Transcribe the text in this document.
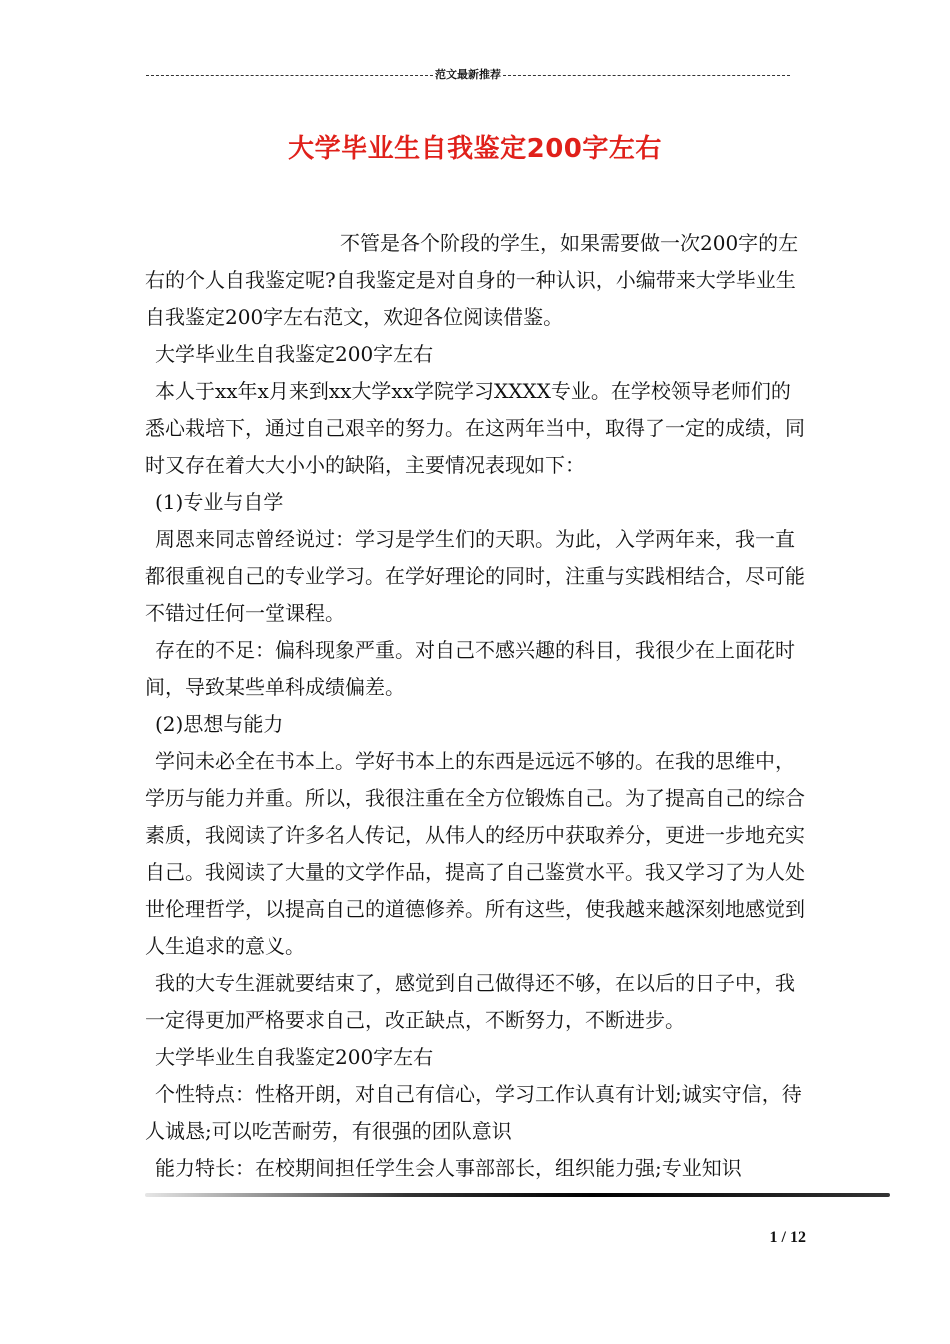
范文最新推荐
大学毕业生自我鉴定200字左右

不管是各个阶段的学生，如果需要做一次200字的左右的个人自我鉴定呢?自我鉴定是对自身的一种认识，小编带来大学毕业生自我鉴定200字左右范文，欢迎各位阅读借鉴。

大学毕业生自我鉴定200字左右

本人于xx年x月来到xx大学xx学院学习XXXX专业。在学校领导老师们的悉心栽培下，通过自己艰辛的努力。在这两年当中，取得了一定的成绩，同时又存在着大大小小的缺陷，主要情况表现如下：

(1)专业与自学

周恩来同志曾经说过：学习是学生们的天职。为此，入学两年来，我一直都很重视自己的专业学习。在学好理论的同时，注重与实践相结合，尽可能不错过任何一堂课程。

存在的不足：偏科现象严重。对自己不感兴趣的科目，我很少在上面花时间，导致某些单科成绩偏差。

(2)思想与能力

学问未必全在书本上。学好书本上的东西是远远不够的。在我的思维中，学历与能力并重。所以，我很注重在全方位锻炼自己。为了提高自己的综合素质，我阅读了许多名人传记，从伟人的经历中获取养分，更进一步地充实自己。我阅读了大量的文学作品，提高了自己鉴赏水平。我又学习了为人处世伦理哲学，以提高自己的道德修养。所有这些，使我越来越深刻地感觉到人生追求的意义。

我的大专生涯就要结束了，感觉到自己做得还不够，在以后的日子中，我一定得更加严格要求自己，改正缺点，不断努力，不断进步。

大学毕业生自我鉴定200字左右

个性特点：性格开朗，对自己有信心，学习工作认真有计划;诚实守信，待人诚恳;可以吃苦耐劳，有很强的团队意识

能力特长：在校期间担任学生会人事部部长，组织能力强;专业知识

1 / 12
